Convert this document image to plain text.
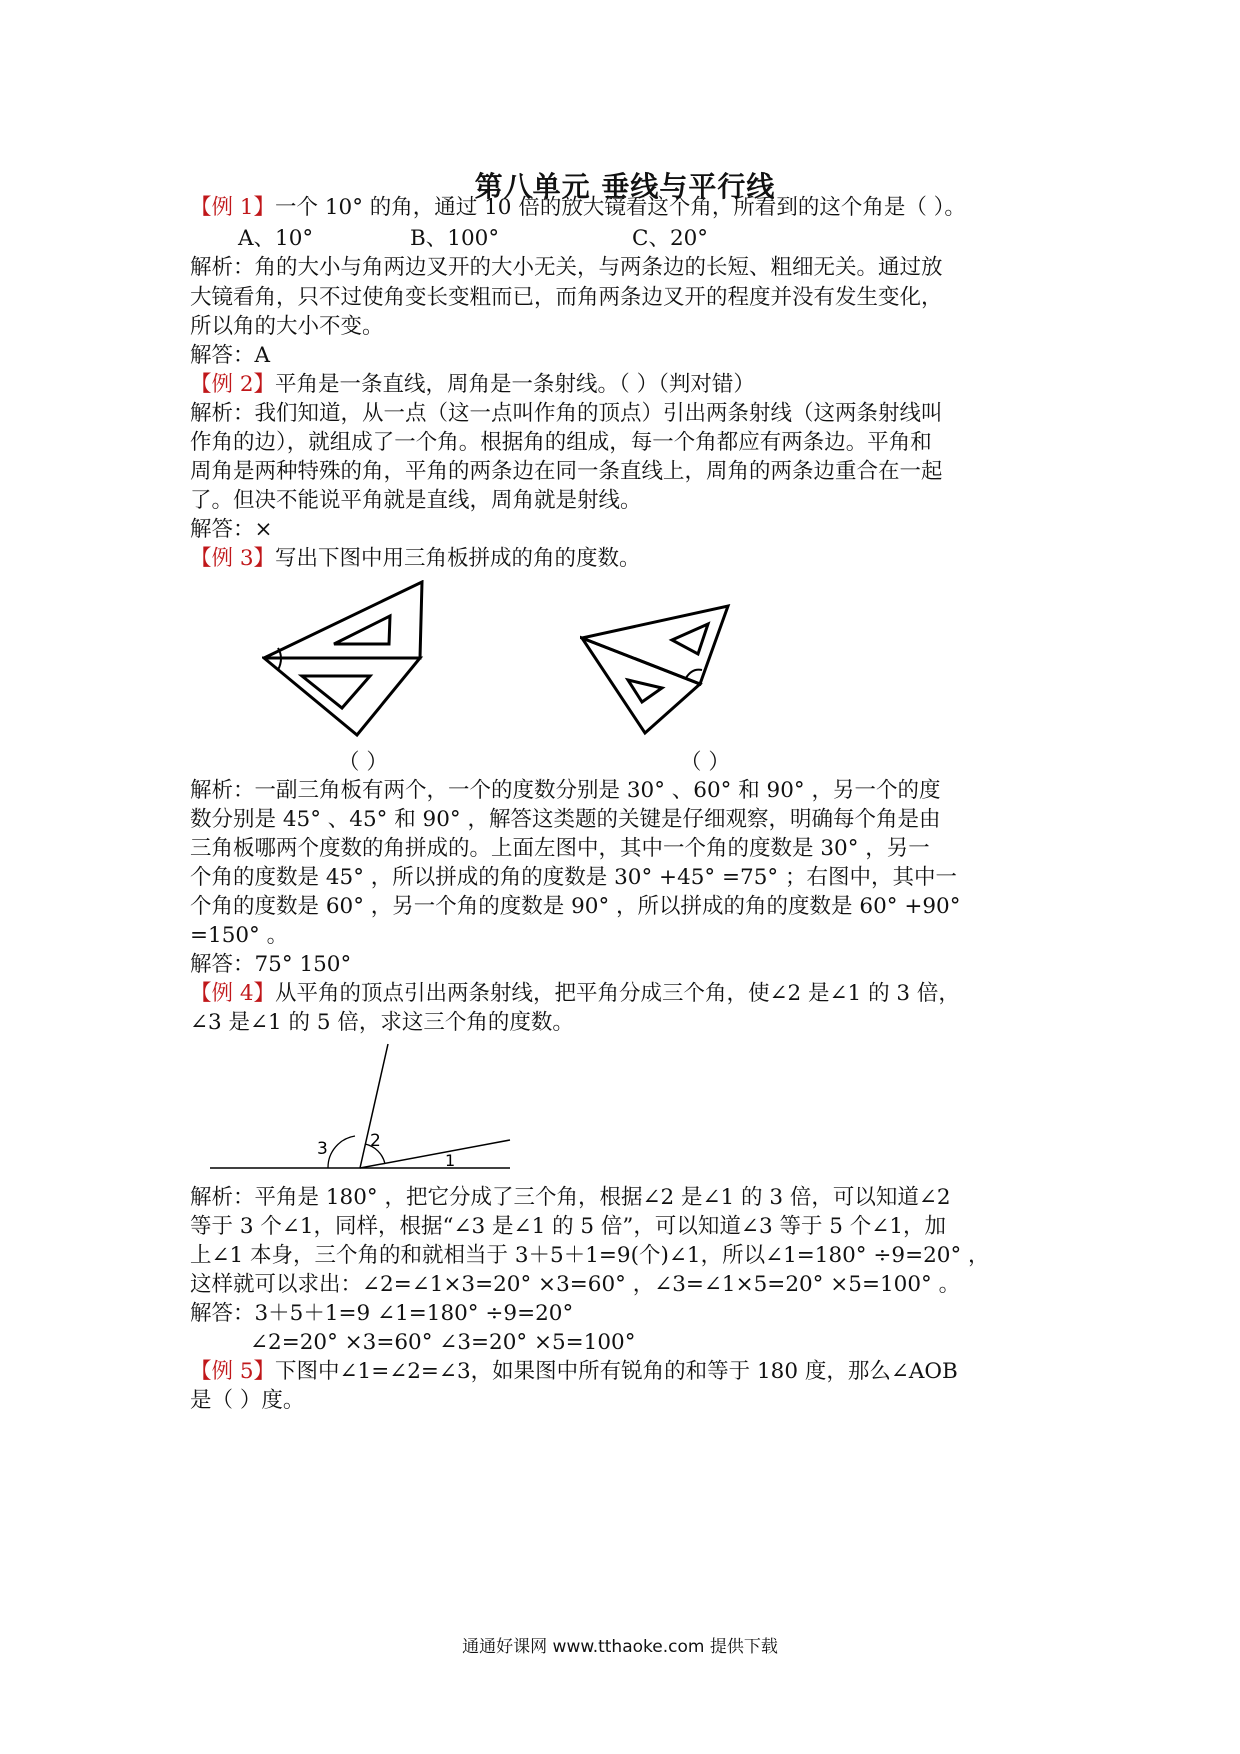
第八单元 垂线与平行线
【例 1】一个 10° 的角，通过 10 倍的放大镜看这个角，所看到的这个角是（ ）。
A、10°	B、100°	C、20°
解析：角的大小与角两边叉开的大小无关，与两条边的长短、粗细无关。通过放
大镜看角，只不过使角变长变粗而已，而角两条边叉开的程度并没有发生变化，
所以角的大小不变。
解答：A
【例 2】平角是一条直线，周角是一条射线。（ ）（判对错）
解析：我们知道，从一点（这一点叫作角的顶点）引出两条射线（这两条射线叫
作角的边），就组成了一个角。根据角的组成，每一个角都应有两条边。平角和
周角是两种特殊的角，平角的两条边在同一条直线上，周角的两条边重合在一起
了。但决不能说平角就是直线，周角就是射线。
解答：×
【例 3】写出下图中用三角板拼成的角的度数。
（ ）	（ ）
解析：一副三角板有两个，一个的度数分别是 30° 、60° 和 90° ，另一个的度
数分别是 45° 、45° 和 90° ，解答这类题的关键是仔细观察，明确每个角是由
三角板哪两个度数的角拼成的。上面左图中，其中一个角的度数是 30° ，另一
个角的度数是 45° ，所以拼成的角的度数是 30° +45° =75° ；右图中，其中一
个角的度数是 60° ，另一个角的度数是 90° ，所以拼成的角的度数是 60° +90°
=150° 。
解答：75° 150°
【例 4】从平角的顶点引出两条射线，把平角分成三个角，使∠2 是∠1 的 3 倍，
∠3 是∠1 的 5 倍，求这三个角的度数。
3 2
1
解析：平角是 180° ，把它分成了三个角，根据∠2 是∠1 的 3 倍，可以知道∠2
等于 3 个∠1，同样，根据“∠3 是∠1 的 5 倍”，可以知道∠3 等于 5 个∠1，加
上∠1 本身，三个角的和就相当于 3＋5＋1=9(个)∠1，所以∠1=180° ÷9=20° ，
这样就可以求出：∠2=∠1×3=20° ×3=60° ，∠3=∠1×5=20° ×5=100° 。
解答：3＋5＋1=9 ∠1=180° ÷9=20°
∠2=20° ×3=60° ∠3=20° ×5=100°
【例 5】下图中∠1=∠2=∠3，如果图中所有锐角的和等于 180 度，那么∠AOB
是（ ）度。
通通好课网 www.tthaoke.com 提供下载
